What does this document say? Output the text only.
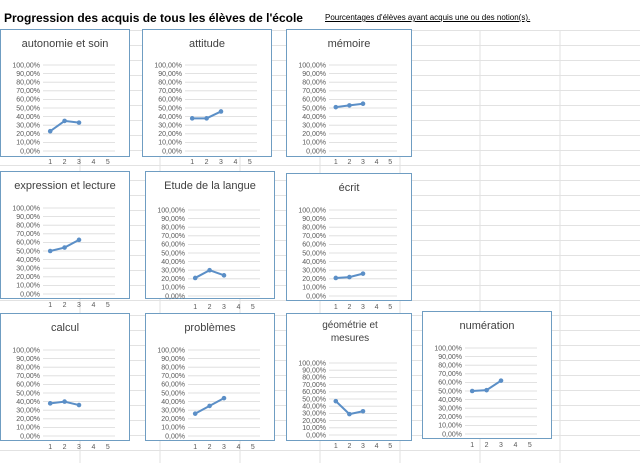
Progression des acquis de tous les élèves de l'école	Pourcentages d'élèves ayant acquis une ou des notion(s).
autonomie et soin
100,00%
90,00%
80,00%
70,00%
60,00%
50,00%
40,00%
30,00%
20,00%
10,00%
0,00%
1 2 3 4 5
attitude
100,00%
90,00%
80,00%
70,00%
60,00%
50,00%
40,00%
30,00%
20,00%
10,00%
0,00%
1 2 3 4 5
mémoire
100,00%
90,00%
80,00%
70,00%
60,00%
50,00%
40,00%
30,00%
20,00%
10,00%
0,00%
1 2 3 4 5
expression et lecture
100,00%
90,00%
80,00%
70,00%
60,00%
50,00%
40,00%
30,00%
20,00%
10,00%
0,00%
1 2 3 4 5
Etude de la langue
100,00%
90,00%
80,00%
70,00%
60,00%
50,00%
40,00%
30,00%
20,00%
10,00%
0,00%
1 2 3 4 5
écrit
100,00%
90,00%
80,00%
70,00%
60,00%
50,00%
40,00%
30,00%
20,00%
10,00%
0,00%
1 2 3 4 5
calcul
100,00%
90,00%
80,00%
70,00%
60,00%
50,00%
40,00%
30,00%
20,00%
10,00%
0,00%
1 2 3 4 5
problèmes
100,00%
90,00%
80,00%
70,00%
60,00%
50,00%
40,00%
30,00%
20,00%
10,00%
0,00%
1 2 3 4 5
géométrie et mesures
100,00%
90,00%
80,00%
70,00%
60,00%
50,00%
40,00%
30,00%
20,00%
10,00%
0,00%
1 2 3 4 5
numération
100,00%
90,00%
80,00%
70,00%
60,00%
50,00%
40,00%
30,00%
20,00%
10,00%
0,00%
1 2 3 4 5
